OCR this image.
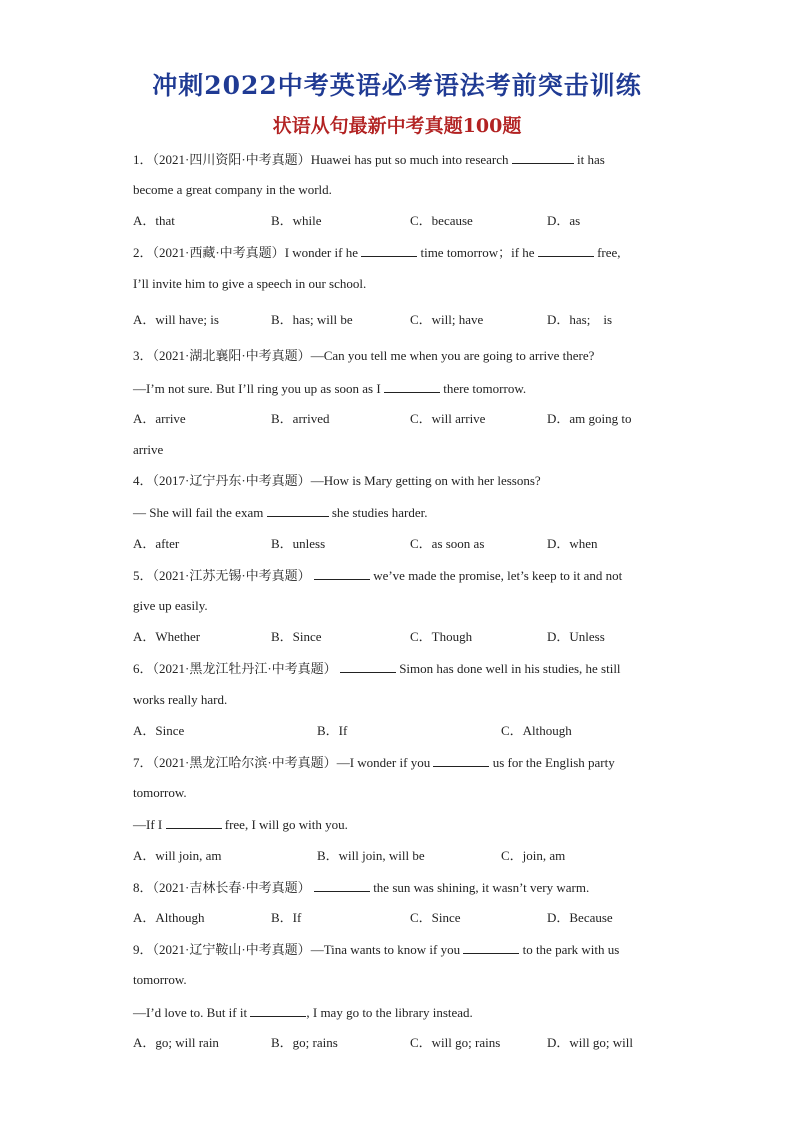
冲刺2022中考英语必考语法考前突击训练
状语从句最新中考真题100题
1．（2021·四川资阳·中考真题）Huawei has put so much into research	it has
become a great company in the world.
A．that	B．while	C．because	D．as
2．（2021·西藏·中考真题）I wonder if he	time tomorrow；if he	free,
I’ll invite him to give a speech in our school.
A．will have; is	B．has; will be	C．will; have	D．has;　is
3．（2021·湖北襄阳·中考真题）—Can you tell me when you are going to arrive there?
—I’m not sure. But I’ll ring you up as soon as I	there tomorrow.
A．arrive	B．arrived	C．will arrive	D．am going to
arrive
4．（2017·辽宁丹东·中考真题）—How is Mary getting on with her lessons?
— She will fail the exam	she studies harder.
A．after	B．unless	C．as soon as	D．when
5．（2021·江苏无锡·中考真题）	we’ve made the promise, let’s keep to it and not
give up easily.
A．Whether	B．Since	C．Though	D．Unless
6．（2021·黑龙江牡丹江·中考真题）	Simon has done well in his studies, he still
works really hard.
A．Since	B．If	C．Although
7．（2021·黑龙江哈尔滨·中考真题）—I wonder if you	us for the English party
tomorrow.
—If I	free, I will go with you.
A．will join, am	B．will join, will be	C．join, am
8．（2021·吉林长春·中考真题）	the sun was shining, it wasn’t very warm.
A．Although	B．If	C．Since	D．Because
9．（2021·辽宁鞍山·中考真题）—Tina wants to know if you	to the park with us
tomorrow.
—I’d love to. But if it	, I may go to the library instead.
A．go; will rain	B．go; rains	C．will go; rains	D．will go; will
